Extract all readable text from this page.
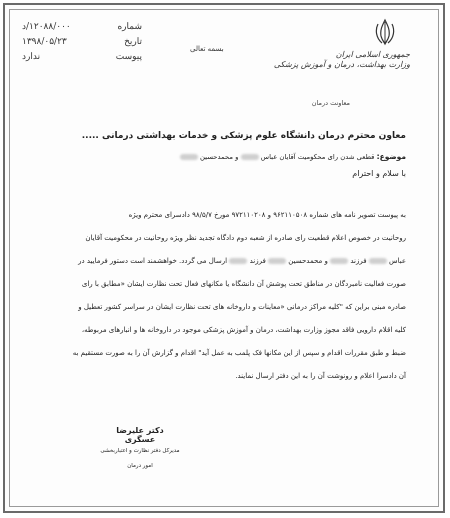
شماره
۱۲۰۸۸/۰۰۰/د
تاریخ
۱۳۹۸/۰۵/۲۳
پیوست
ندارد
بسمه تعالی
جمهوری اسلامی ایران
وزارت بهداشت، درمان و آموزش پزشکی
معاونت درمان
معاون محترم درمان دانشگاه علوم پزشکی و خدمات بهداشتی درمانی .....
موضوع: قطعی شدن رای محکومیت آقایان عباس  و محمدحسین
با سلام و احترام
به پیوست تصویر نامه های شماره ۹۶۲۱۱۰۵۰۸ و ۹۷۲۱۱۰۲۰۸ مورخ ۹۸/۵/۷ دادسرای محترم ویژه
روحانیت در خصوص اعلام قطعیت رای صادره از شعبه دوم دادگاه تجدید نظر ویژه روحانیت در محکومیت آقایان
عباس  فرزند  و محمدحسین  فرزند  ارسال می گردد. خواهشمند است دستور فرمایید در
صورت فعالیت نامبردگان در مناطق تحت پوشش آن دانشگاه یا مکانهای فعال تحت نظارت ایشان «مطابق با رای
صادره مبنی براین که "کلیه مراکز درمانی «معاینات و داروخانه های تحت نظارت ایشان در سراسر کشور تعطیل و
کلیه اقلام دارویی فاقد مجوز وزارت بهداشت، درمان و آموزش پزشکی موجود در داروخانه ها و انبارهای مربوطه،
ضبط و طبق مقررات اقدام و سپس از این مکانها فک پلمب به عمل آید" اقدام و گزارش آن را به صورت مستقیم به
آن دادسرا اعلام و رونوشت آن را به این دفتر ارسال نمایند.
دکتر علیرضا عسگری
مدیرکل دفتر نظارت و اعتباربخشی
امور درمان
